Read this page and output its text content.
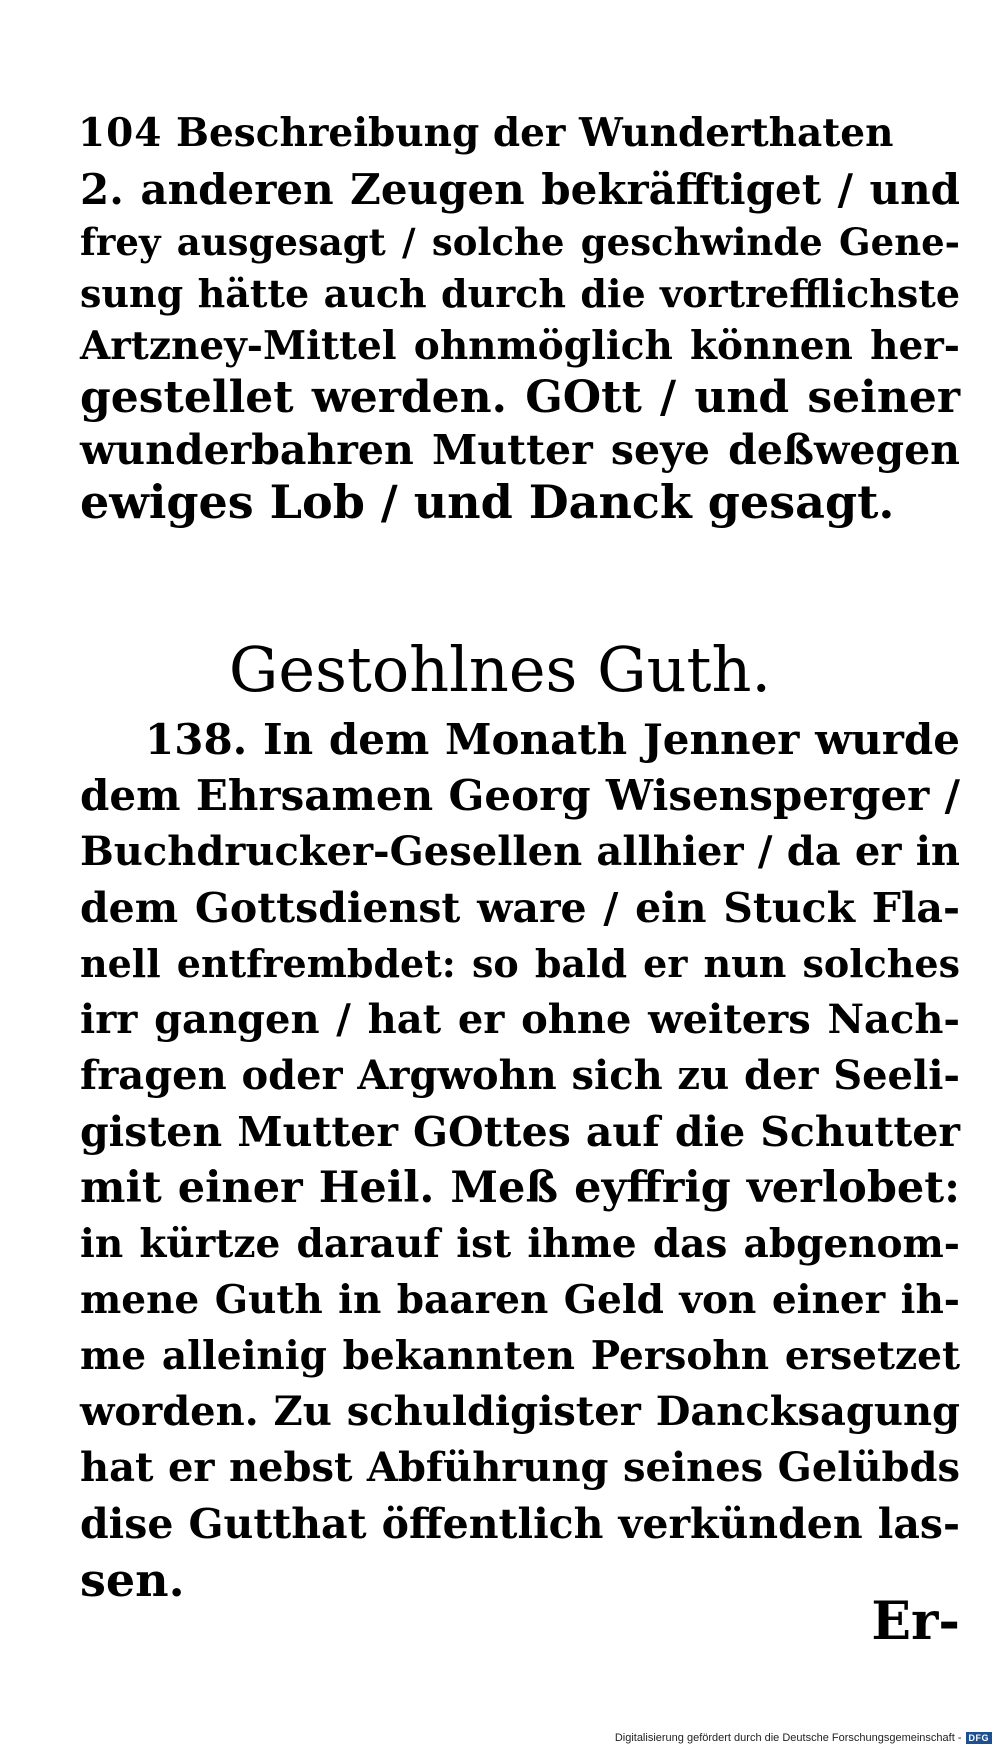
104 Beschreibung der Wunderthaten
2. anderen Zeugen bekräfftiget / und
frey ausgesagt / solche geschwinde Gene-
sung hätte auch durch die vortrefflichste
Artzney-Mittel ohnmöglich können her-
gestellet werden. GOtt / und seiner
wunderbahren Mutter seye deßwegen
ewiges Lob / und Danck gesagt.
Gestohlnes Guth.
138. In dem Monath Jenner wurde
dem Ehrsamen Georg Wisensperger /
Buchdrucker-Gesellen allhier / da er in
dem Gottsdienst ware / ein Stuck Fla-
nell entfrembdet: so bald er nun solches
irr gangen / hat er ohne weiters Nach-
fragen oder Argwohn sich zu der Seeli-
gisten Mutter GOttes auf die Schutter
mit einer Heil. Meß eyffrig verlobet:
in kürtze darauf ist ihme das abgenom-
mene Guth in baaren Geld von einer ih-
me alleinig bekannten Persohn ersetzet
worden. Zu schuldigister Dancksagung
hat er nebst Abführung seines Gelübds
dise Gutthat öffentlich verkünden las-
sen.
Er-
Digitalisierung gefördert durch die Deutsche Forschungsgemeinschaft - DFG
